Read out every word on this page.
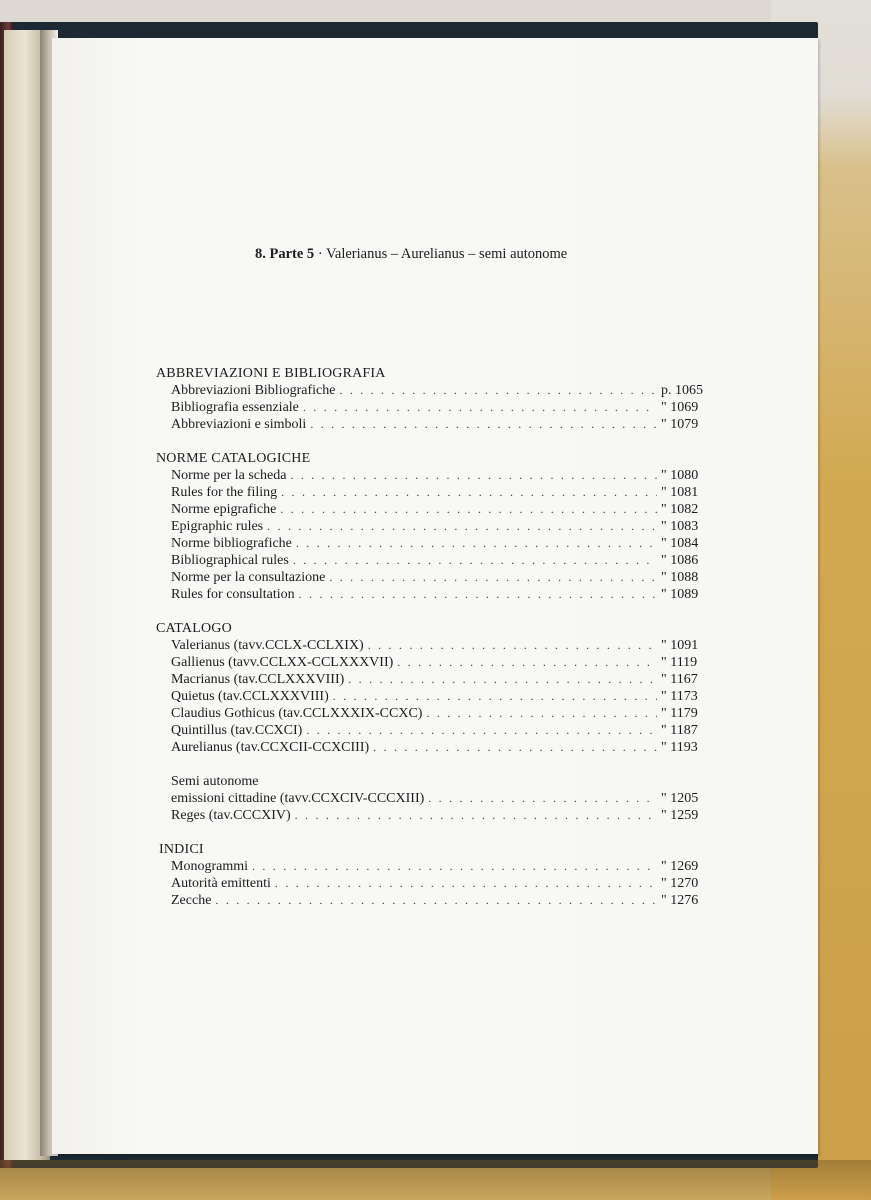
8. Parte 5 · Valerianus – Aurelianus – semi autonome
ABBREVIAZIONI E BIBLIOGRAFIA
Abbreviazioni Bibliografiche . . .	p. 1065
Bibliografia essenziale . . .	" 1069
Abbreviazioni e simboli . . .	" 1079
NORME CATALOGICHE
Norme per la scheda . . .	" 1080
Rules for the filing . . .	" 1081
Norme epigrafiche . . .	" 1082
Epigraphic rules . . .	" 1083
Norme bibliografiche . . .	" 1084
Bibliographical rules . . .	" 1086
Norme per la consultazione . . .	" 1088
Rules for consultation . . .	" 1089
CATALOGO
Valerianus (tavv.CCLX-CCLXIX) . . .	" 1091
Gallienus (tavv.CCLXX-CCLXXXVII) . . .	" 1119
Macrianus (tav.CCLXXXVIII) . . .	" 1167
Quietus (tav.CCLXXXVIII) . . .	" 1173
Claudius Gothicus (tav.CCLXXXIX-CCXC) . . .	" 1179
Quintillus (tav.CCXCI) . . .	" 1187
Aurelianus (tav.CCXCII-CCXCIII) . . .	" 1193
Semi autonome
emissioni cittadine (tavv.CCXCIV-CCCXIII) . . .	" 1205
Reges (tav.CCCXIV) . . .	" 1259
INDICI
Monogrammi . . .	" 1269
Autorità emittenti . . .	" 1270
Zecche . . .	" 1276
